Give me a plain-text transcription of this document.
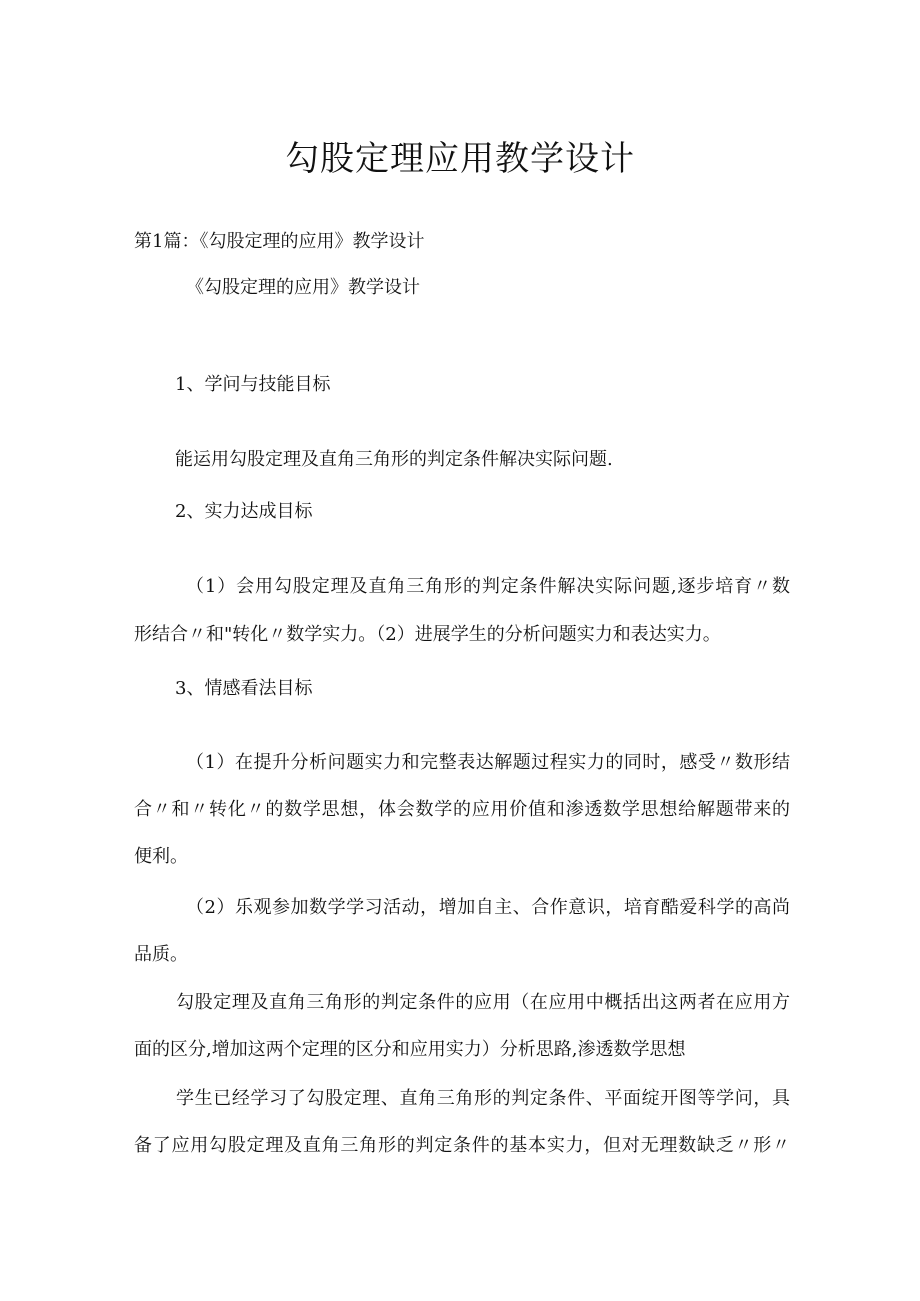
勾股定理应用教学设计
第1篇：《勾股定理的应用》教学设计
《勾股定理的应用》教学设计
1、学问与技能目标
能运用勾股定理及直角三角形的判定条件解决实际问题.
2、实力达成目标
（1）会用勾股定理及直角三角形的判定条件解决实际问题,逐步培育〃数
形结合〃和"转化〃数学实力。（2）进展学生的分析问题实力和表达实力。
3、情感看法目标
（1）在提升分析问题实力和完整表达解题过程实力的同时，感受〃数形结
合〃和〃转化〃的数学思想，体会数学的应用价值和渗透数学思想给解题带来的
便利。
（2）乐观参加数学学习活动，增加自主、合作意识，培育酷爱科学的高尚
品质。
勾股定理及直角三角形的判定条件的应用（在应用中概括出这两者在应用方
面的区分,增加这两个定理的区分和应用实力）分析思路,渗透数学思想
学生已经学习了勾股定理、直角三角形的判定条件、平面绽开图等学问，具
备了应用勾股定理及直角三角形的判定条件的基本实力，但对无理数缺乏〃形〃
